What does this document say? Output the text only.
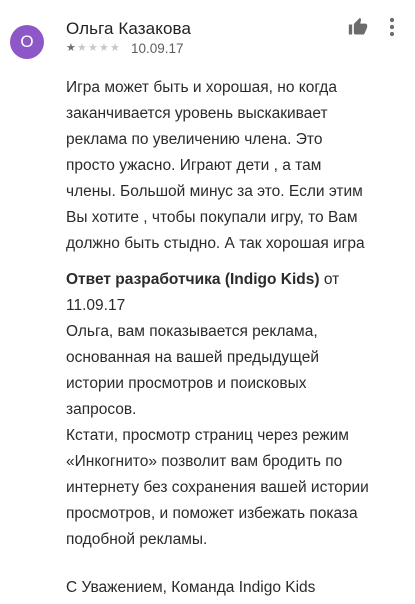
О
Ольга Казакова
★ ★ ★ ★ ★ 10.09.17
Игра может быть и хорошая, но когда
заканчивается уровень выскакивает
реклама по увеличению члена. Это
просто ужасно. Играют дети , а там
члены. Большой минус за это. Если этим
Вы хотите , чтобы покупали игру, то Вам
должно быть стыдно. А так хорошая игра
Ответ разработчика (Indigo Kids) от
11.09.17
Ольга, вам показывается реклама,
основанная на вашей предыдущей
истории просмотров и поисковых
запросов.
Кстати, просмотр страниц через режим
«Инкогнито» позволит вам бродить по
интернету без сохранения вашей истории
просмотров, и поможет избежать показа
подобной рекламы.
С Уважением, Команда Indigo Kids
